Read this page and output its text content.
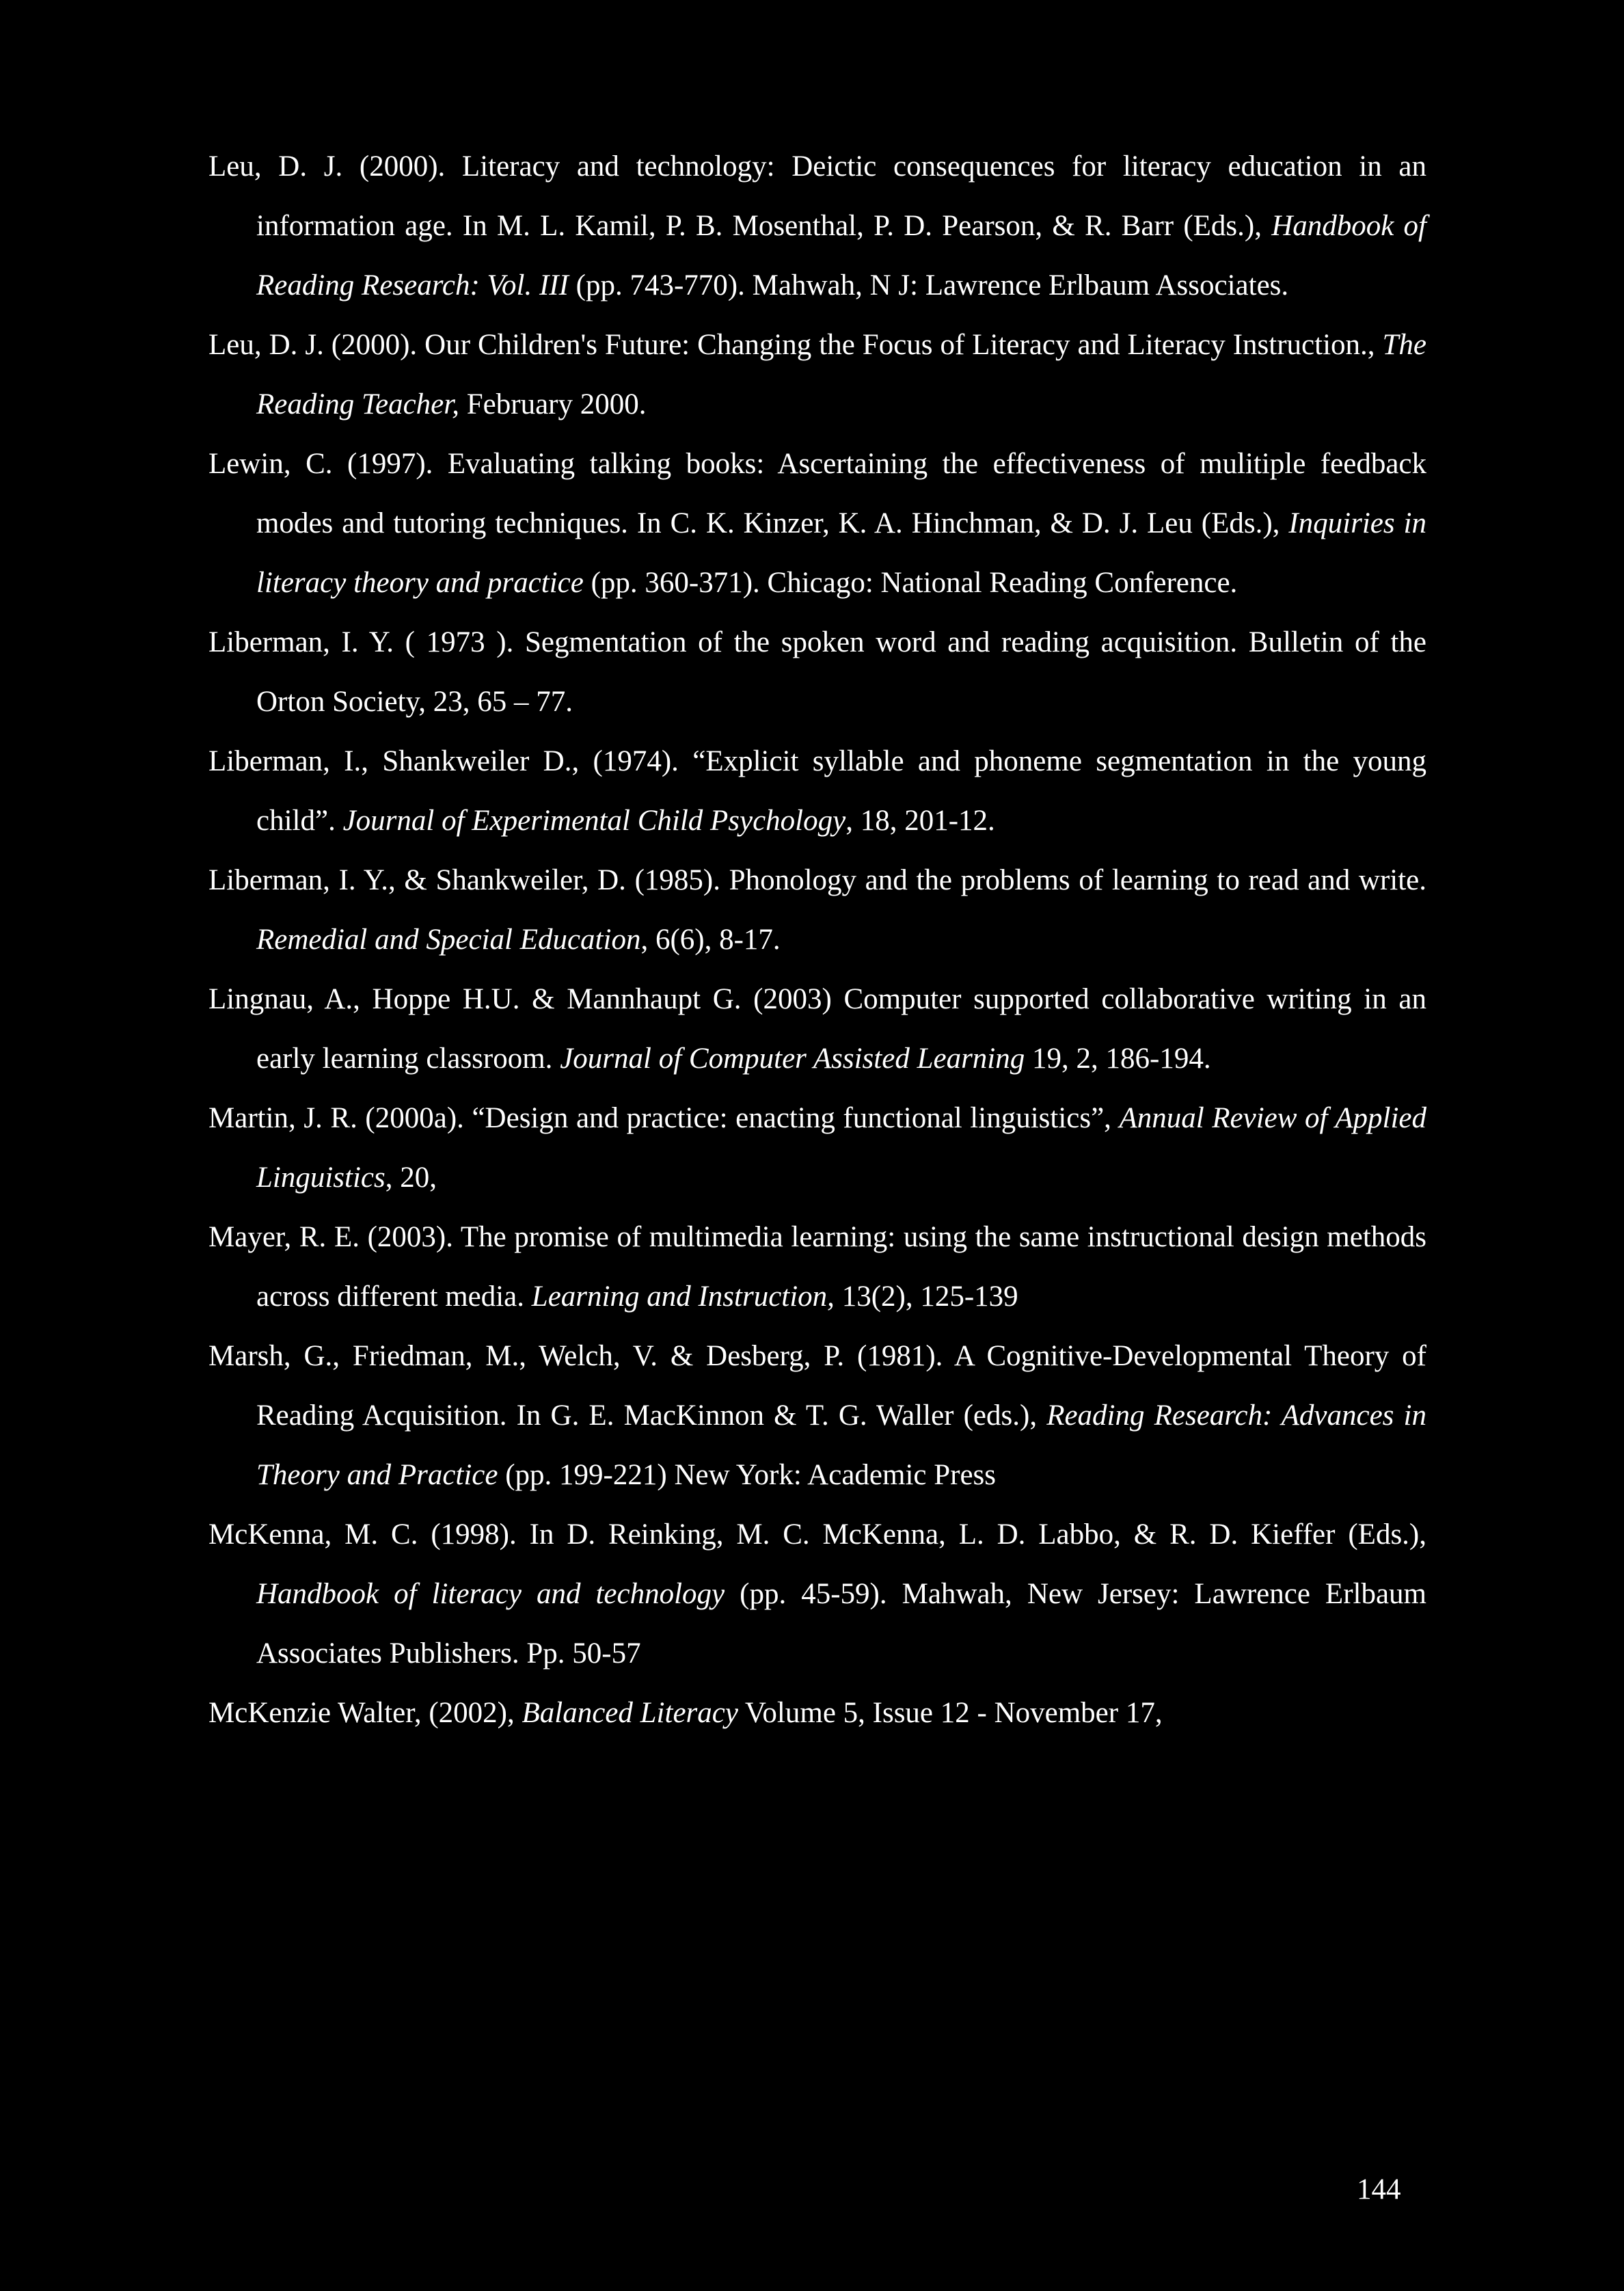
Leu, D. J. (2000). Literacy and technology: Deictic consequences for literacy education in an information age. In M. L. Kamil, P. B. Mosenthal, P. D. Pearson, & R. Barr (Eds.), Handbook of Reading Research: Vol. III (pp. 743-770). Mahwah, N J: Lawrence Erlbaum Associates.

Leu, D. J. (2000). Our Children's Future: Changing the Focus of Literacy and Literacy Instruction., The Reading Teacher, February 2000.

Lewin, C. (1997). Evaluating talking books: Ascertaining the effectiveness of mulitiple feedback modes and tutoring techniques. In C. K. Kinzer, K. A. Hinchman, & D. J. Leu (Eds.), Inquiries in literacy theory and practice (pp. 360-371). Chicago: National Reading Conference.

Liberman, I. Y. ( 1973 ). Segmentation of the spoken word and reading acquisition. Bulletin of the Orton Society, 23, 65 – 77.

Liberman, I., Shankweiler D., (1974). “Explicit syllable and phoneme segmentation in the young child”. Journal of Experimental Child Psychology, 18, 201-12.

Liberman, I. Y., & Shankweiler, D. (1985). Phonology and the problems of learning to read and write. Remedial and Special Education, 6(6), 8-17.

Lingnau, A., Hoppe H.U. & Mannhaupt G. (2003) Computer supported collaborative writing in an early learning classroom. Journal of Computer Assisted Learning 19, 2, 186-194.

Martin, J. R. (2000a). “Design and practice: enacting functional linguistics”, Annual Review of Applied Linguistics, 20,

Mayer, R. E. (2003). The promise of multimedia learning: using the same instructional design methods across different media. Learning and Instruction, 13(2), 125-139

Marsh, G., Friedman, M., Welch, V. & Desberg, P. (1981). A Cognitive-Developmental Theory of Reading Acquisition. In G. E. MacKinnon & T. G. Waller (eds.), Reading Research: Advances in Theory and Practice (pp. 199-221) New York: Academic Press

McKenna, M. C. (1998). In D. Reinking, M. C. McKenna, L. D. Labbo, & R. D. Kieffer (Eds.), Handbook of literacy and technology (pp. 45-59). Mahwah, New Jersey: Lawrence Erlbaum Associates Publishers. Pp. 50-57

McKenzie Walter, (2002), Balanced Literacy Volume 5, Issue 12 - November 17,

144
